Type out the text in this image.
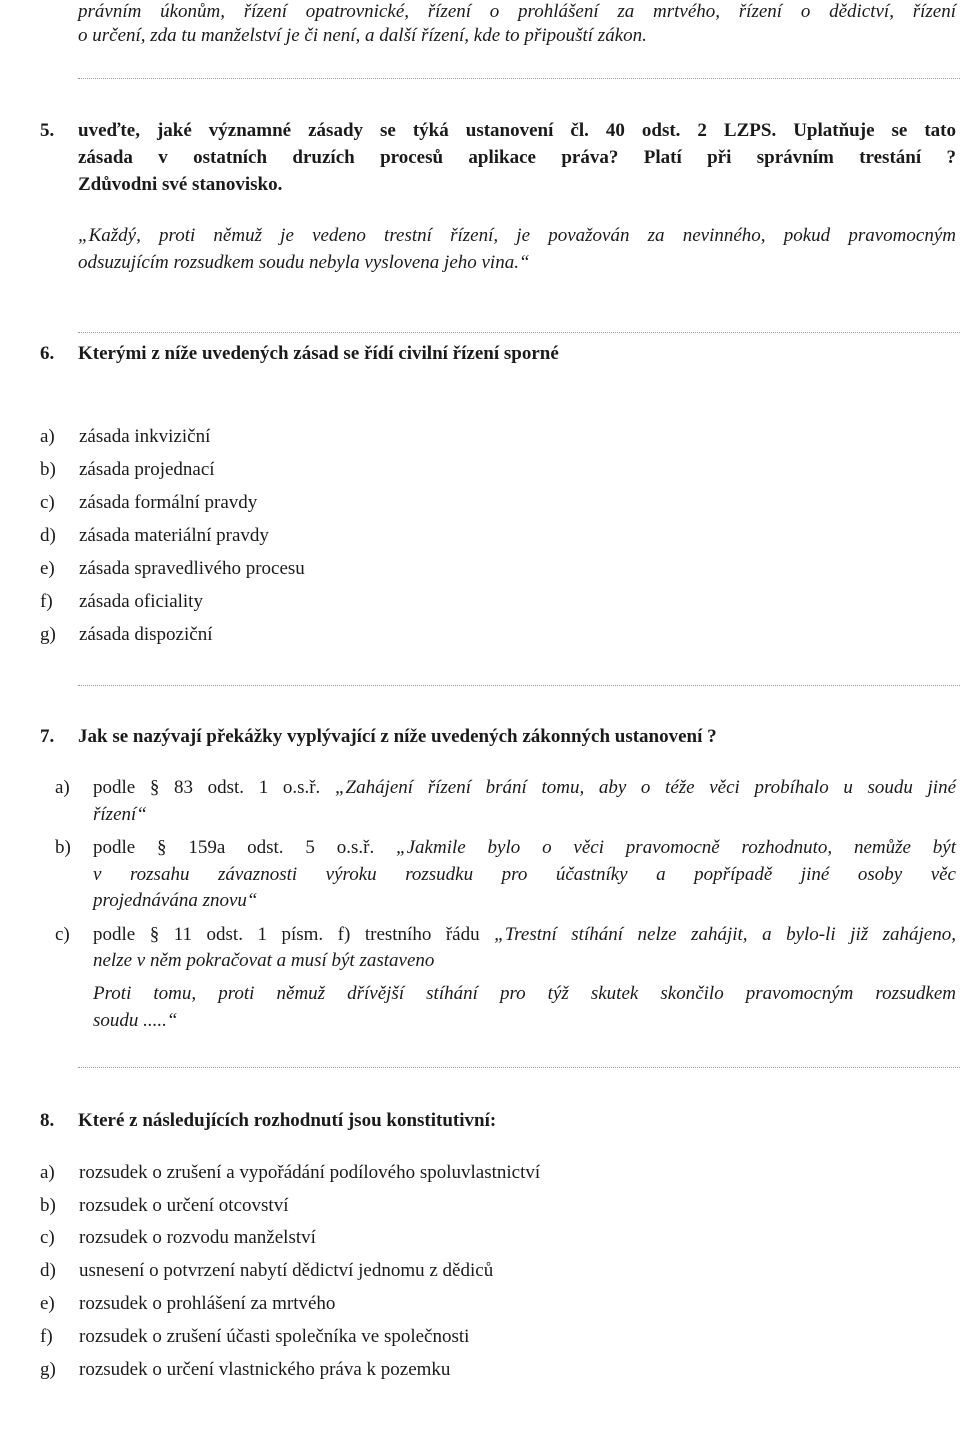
právním úkonům, řízení opatrovnické, řízení o prohlášení za mrtvého, řízení o dědictví, řízení
o určení, zda tu manželství je či není, a další řízení, kde to připouští zákon.
5. uveďte, jaké významné zásady se týká ustanovení čl. 40 odst. 2 LZPS. Uplatňuje se tato
zásada v ostatních druzích procesů aplikace práva? Platí při správním trestání ?
Zdůvodni své stanovisko.
„Každý, proti němuž je vedeno trestní řízení, je považován za nevinného, pokud pravomocným
odsuzujícím rozsudkem soudu nebyla vyslovena jeho vina.“
6. Kterými z níže uvedených zásad se řídí civilní řízení sporné
a) zásada inkviziční
b) zásada projednací
c) zásada formální pravdy
d) zásada materiální pravdy
e) zásada spravedlivého procesu
f) zásada oficiality
g) zásada dispoziční
7. Jak se nazývají překážky vyplývající z níže uvedených zákonných ustanovení ?
a) podle § 83 odst. 1 o.s.ř. „Zahájení řízení brání tomu, aby o téže věci probíhalo u soudu jiné
řízení“
b) podle § 159a odst. 5 o.s.ř. „Jakmile bylo o věci pravomocně rozhodnuto, nemůže být
v rozsahu závaznosti výroku rozsudku pro účastníky a popřípadě jiné osoby věc
projednávána znovu“
c) podle § 11 odst. 1 písm. f) trestního řádu „Trestní stíhání nelze zahájit, a bylo-li již zahájeno,
nelze v něm pokračovat a musí být zastaveno
Proti tomu, proti němuž dřívější stíhání pro týž skutek skončilo pravomocným rozsudkem
soudu .....“
8. Které z následujících rozhodnutí jsou konstitutivní:
a) rozsudek o zrušení a vypořádání podílového spoluvlastnictví
b) rozsudek o určení otcovství
c) rozsudek o rozvodu manželství
d) usnesení o potvrzení nabytí dědictví jednomu z dědiců
e) rozsudek o prohlášení za mrtvého
f) rozsudek o zrušení účasti společníka ve společnosti
g) rozsudek o určení vlastnického práva k pozemku
